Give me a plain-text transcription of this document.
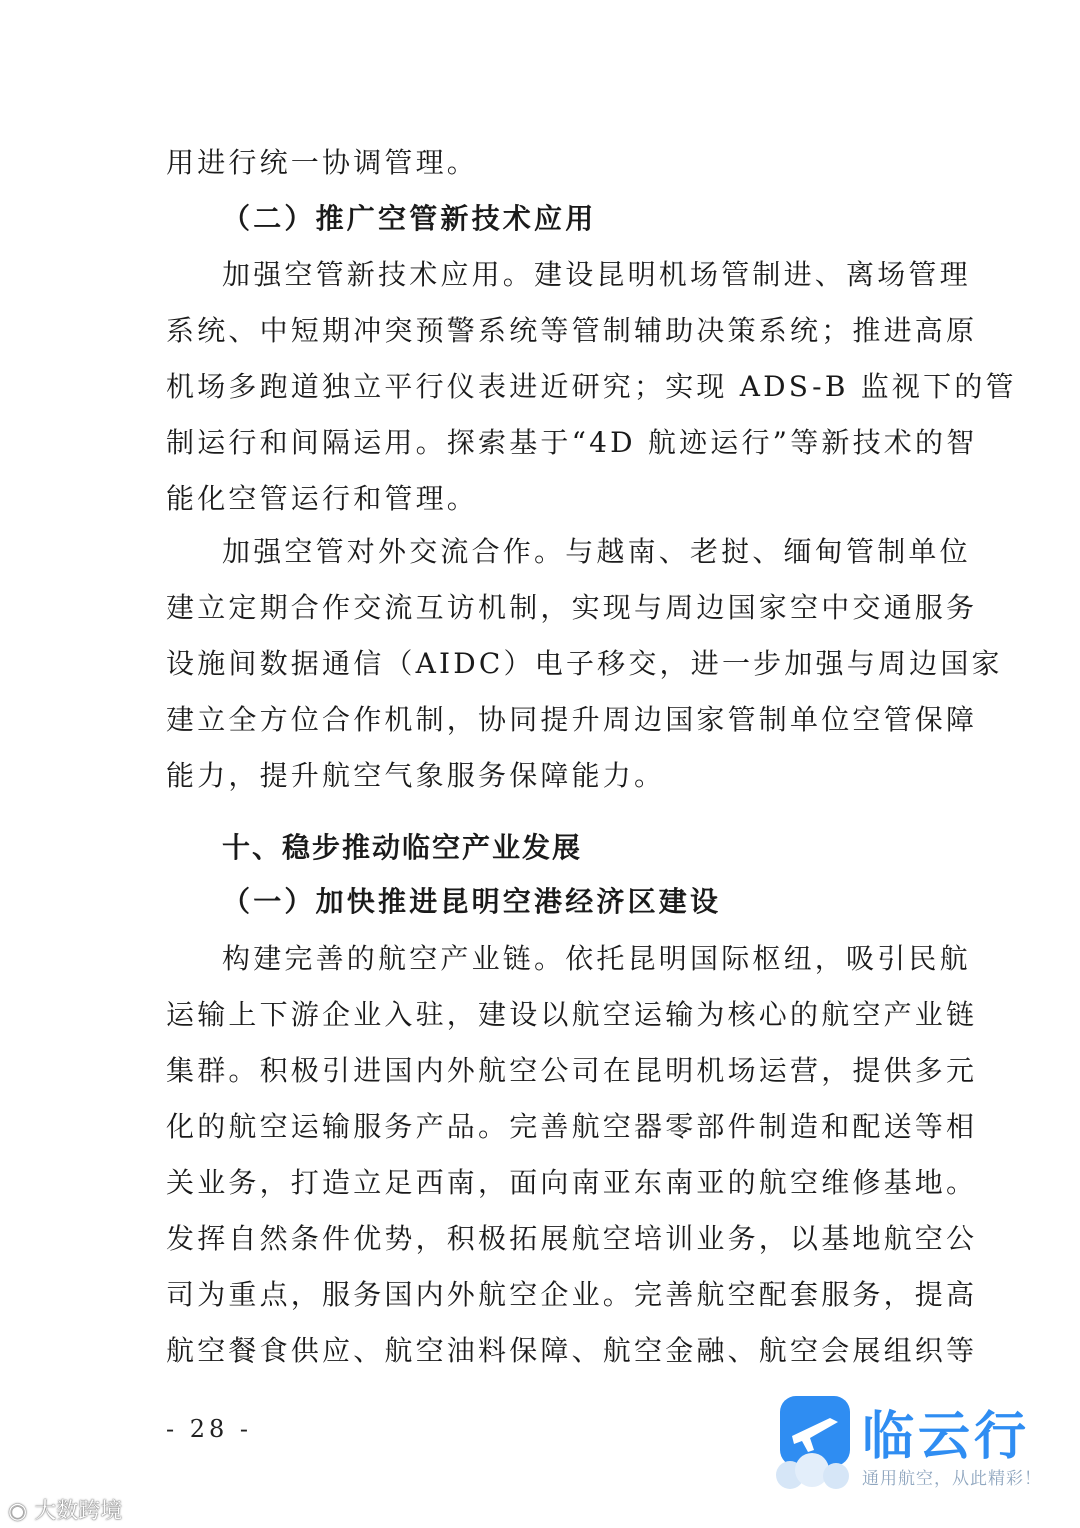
用进行统一协调管理。
（二）推广空管新技术应用
加强空管新技术应用。建设昆明机场管制进、离场管理
系统、中短期冲突预警系统等管制辅助决策系统；推进高原
机场多跑道独立平行仪表进近研究；实现 ADS-B 监视下的管
制运行和间隔运用。探索基于“4D 航迹运行”等新技术的智
能化空管运行和管理。
加强空管对外交流合作。与越南、老挝、缅甸管制单位
建立定期合作交流互访机制，实现与周边国家空中交通服务
设施间数据通信（AIDC）电子移交，进一步加强与周边国家
建立全方位合作机制，协同提升周边国家管制单位空管保障
能力，提升航空气象服务保障能力。
十、稳步推动临空产业发展
（一）加快推进昆明空港经济区建设
构建完善的航空产业链。依托昆明国际枢纽，吸引民航
运输上下游企业入驻，建设以航空运输为核心的航空产业链
集群。积极引进国内外航空公司在昆明机场运营，提供多元
化的航空运输服务产品。完善航空器零部件制造和配送等相
关业务，打造立足西南，面向南亚东南亚的航空维修基地。
发挥自然条件优势，积极拓展航空培训业务，以基地航空公
司为重点，服务国内外航空企业。完善航空配套服务，提高
航空餐食供应、航空油料保障、航空金融、航空会展组织等
- 28 -	临云行
通用航空，从此精彩！
◉ 大数跨境
